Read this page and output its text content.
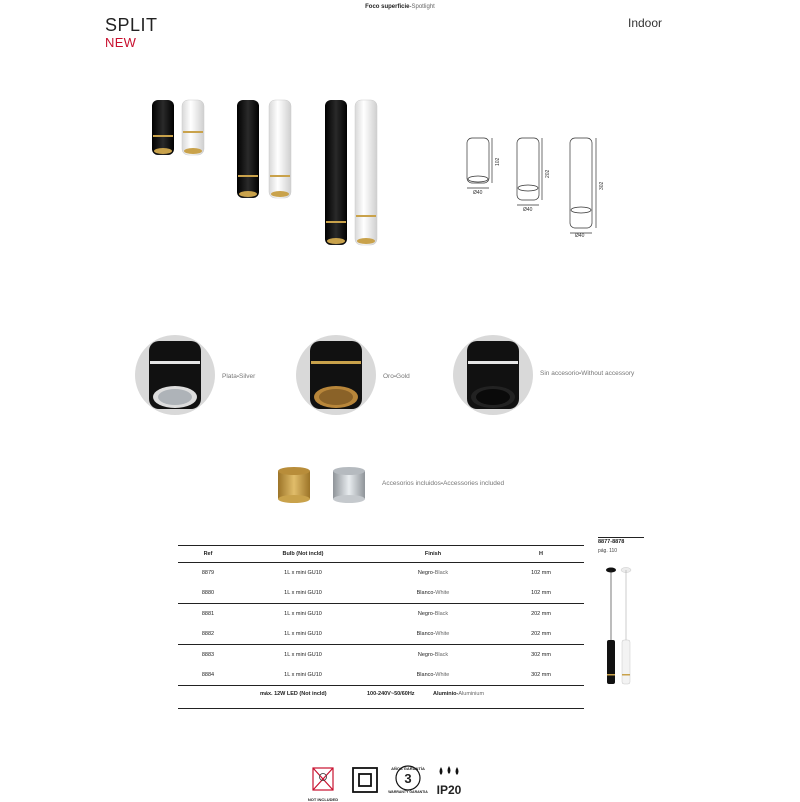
SPLIT
NEW
Foco superficie-Spotlight
Indoor
Ø40
Ø40
Ø40
102
202
302
Plata-Silver	Oro-Gold	Sin accesorio-Without accessory
Accesorios incluidos-Accessories included
Ref	Bulb (Not incld)	Finish	H
8879	1L x mini GU10	Negro-Black	102 mm
8880	1L x mini GU10	Blanco-White	102 mm
8881	1L x mini GU10	Negro-Black	202 mm
8882	1L x mini GU10	Blanco-White	202 mm
8883	1L x mini GU10	Negro-Black	302 mm
8884	1L x mini GU10	Blanco-White	302 mm
máx. 12W LED (Not incld)	100-240V~50/60Hz	Aluminio-Aluminium
8877-8878
pág. 110
NOT INCLUDED
AÑOS GARANTÍA
3
WARRANTY GARANTIA IP20
